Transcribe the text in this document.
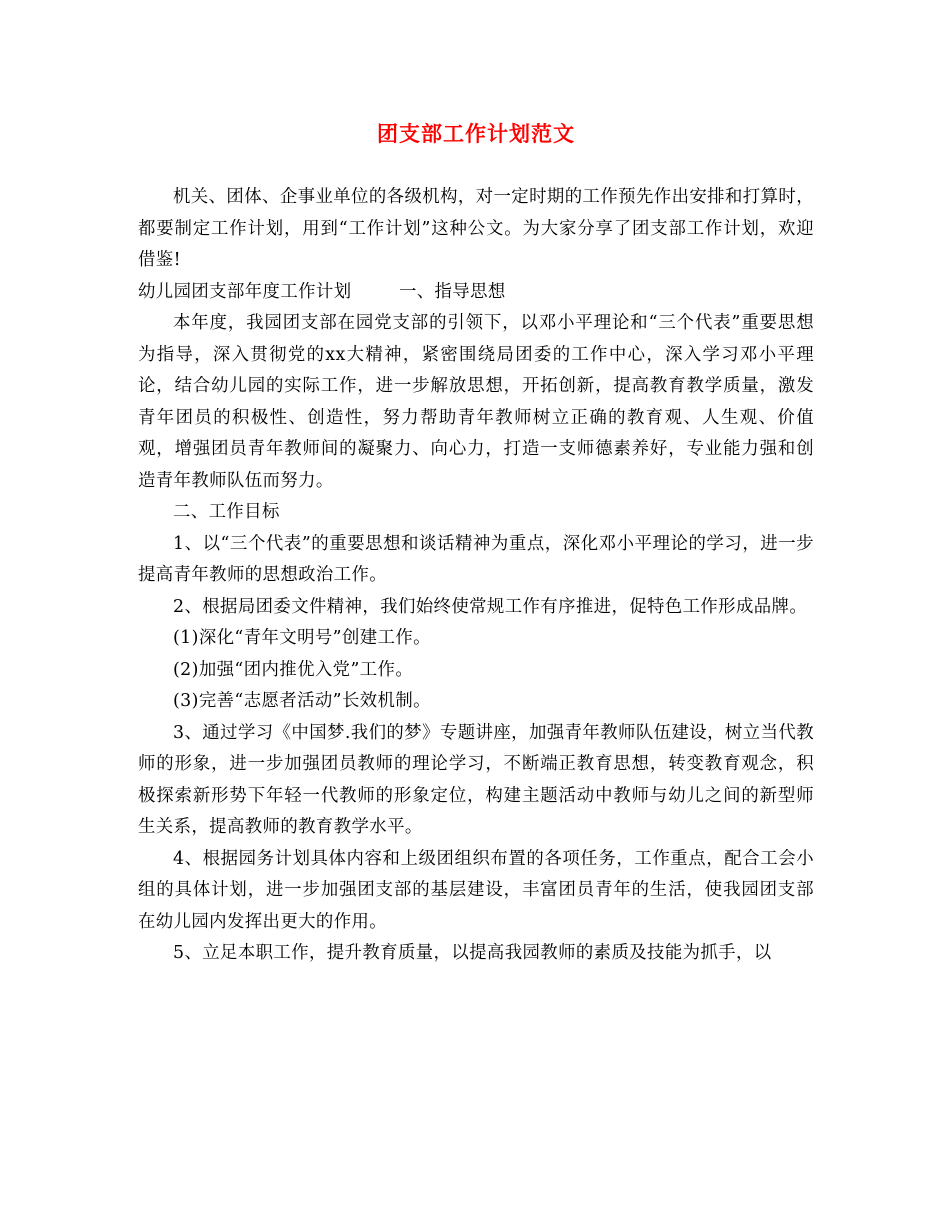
团支部工作计划范文

机关、团体、企事业单位的各级机构，对一定时期的工作预先作出安排和打算时，都要制定工作计划，用到“工作计划”这种公文。为大家分享了团支部工作计划，欢迎借鉴!

幼儿园团支部年度工作计划	一、指导思想

本年度，我园团支部在园党支部的引领下，以邓小平理论和“三个代表”重要思想为指导，深入贯彻党的xx大精神，紧密围绕局团委的工作中心，深入学习邓小平理论，结合幼儿园的实际工作，进一步解放思想，开拓创新，提高教育教学质量，激发青年团员的积极性、创造性，努力帮助青年教师树立正确的教育观、人生观、价值观，增强团员青年教师间的凝聚力、向心力，打造一支师德素养好，专业能力强和创造青年教师队伍而努力。

二、工作目标

1、以“三个代表”的重要思想和谈话精神为重点，深化邓小平理论的学习，进一步提高青年教师的思想政治工作。

2、根据局团委文件精神，我们始终使常规工作有序推进，促特色工作形成品牌。

(1)深化“青年文明号”创建工作。

(2)加强“团内推优入党”工作。

(3)完善“志愿者活动”长效机制。

3、通过学习《中国梦.我们的梦》专题讲座，加强青年教师队伍建设，树立当代教师的形象，进一步加强团员教师的理论学习，不断端正教育思想，转变教育观念，积极探索新形势下年轻一代教师的形象定位，构建主题活动中教师与幼儿之间的新型师生关系，提高教师的教育教学水平。

4、根据园务计划具体内容和上级团组织布置的各项任务，工作重点，配合工会小组的具体计划，进一步加强团支部的基层建设，丰富团员青年的生活，使我园团支部在幼儿园内发挥出更大的作用。

5、立足本职工作，提升教育质量，以提高我园教师的素质及技能为抓手，以
